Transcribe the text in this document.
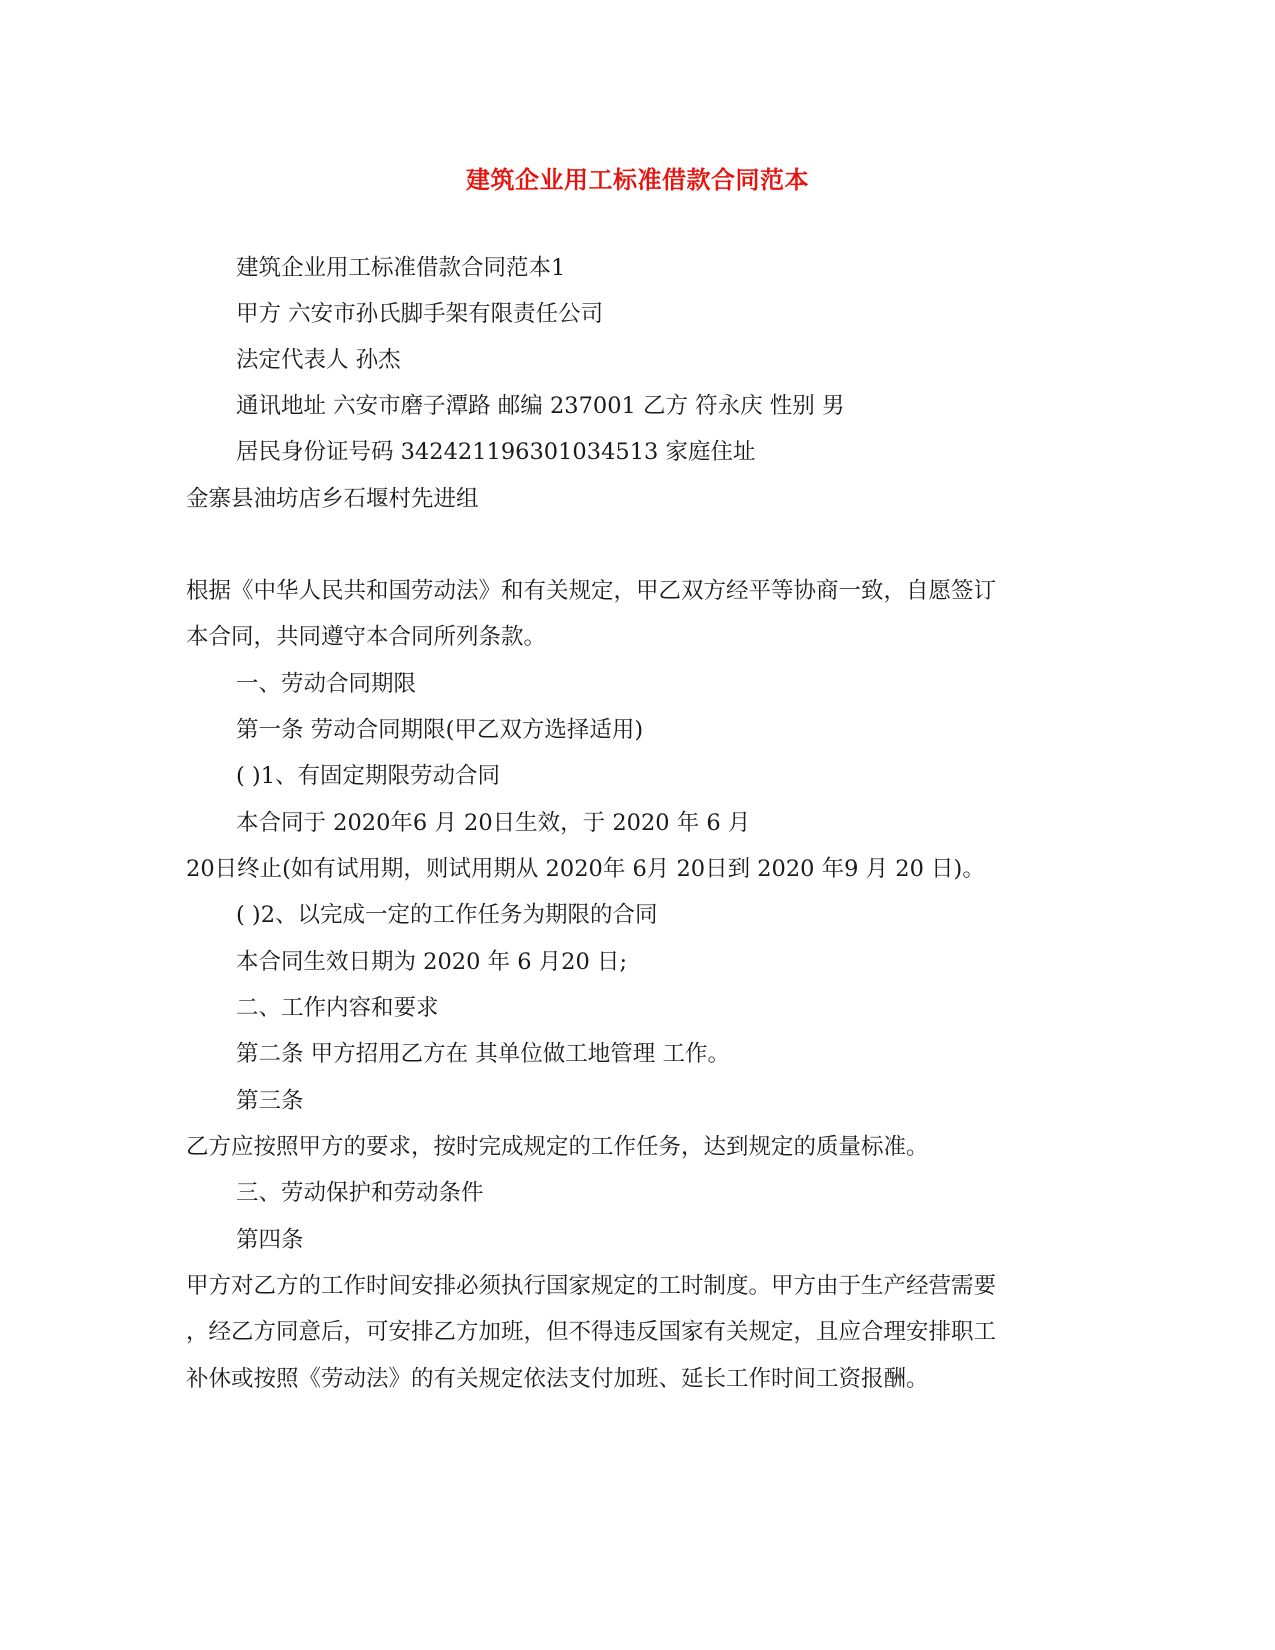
建筑企业用工标准借款合同范本

建筑企业用工标准借款合同范本1

甲方 六安市孙氏脚手架有限责任公司

法定代表人 孙杰

通讯地址 六安市磨子潭路 邮编 237001 乙方 符永庆 性别 男

居民身份证号码 342421196301034513 家庭住址

金寨县油坊店乡石堰村先进组

根据《中华人民共和国劳动法》和有关规定，甲乙双方经平等协商一致，自愿签订

本合同，共同遵守本合同所列条款。

一、劳动合同期限

第一条 劳动合同期限(甲乙双方选择适用)

( )1、有固定期限劳动合同

本合同于 2020年6 月 20日生效，于 2020 年 6 月

20日终止(如有试用期，则试用期从 2020年 6月 20日到 2020 年9 月 20 日)。

( )2、以完成一定的工作任务为期限的合同

本合同生效日期为 2020 年 6 月20 日;

二、工作内容和要求

第二条 甲方招用乙方在 其单位做工地管理 工作。

第三条

乙方应按照甲方的要求，按时完成规定的工作任务，达到规定的质量标准。

三、劳动保护和劳动条件

第四条

甲方对乙方的工作时间安排必须执行国家规定的工时制度。甲方由于生产经营需要

，经乙方同意后，可安排乙方加班，但不得违反国家有关规定，且应合理安排职工

补休或按照《劳动法》的有关规定依法支付加班、延长工作时间工资报酬。
